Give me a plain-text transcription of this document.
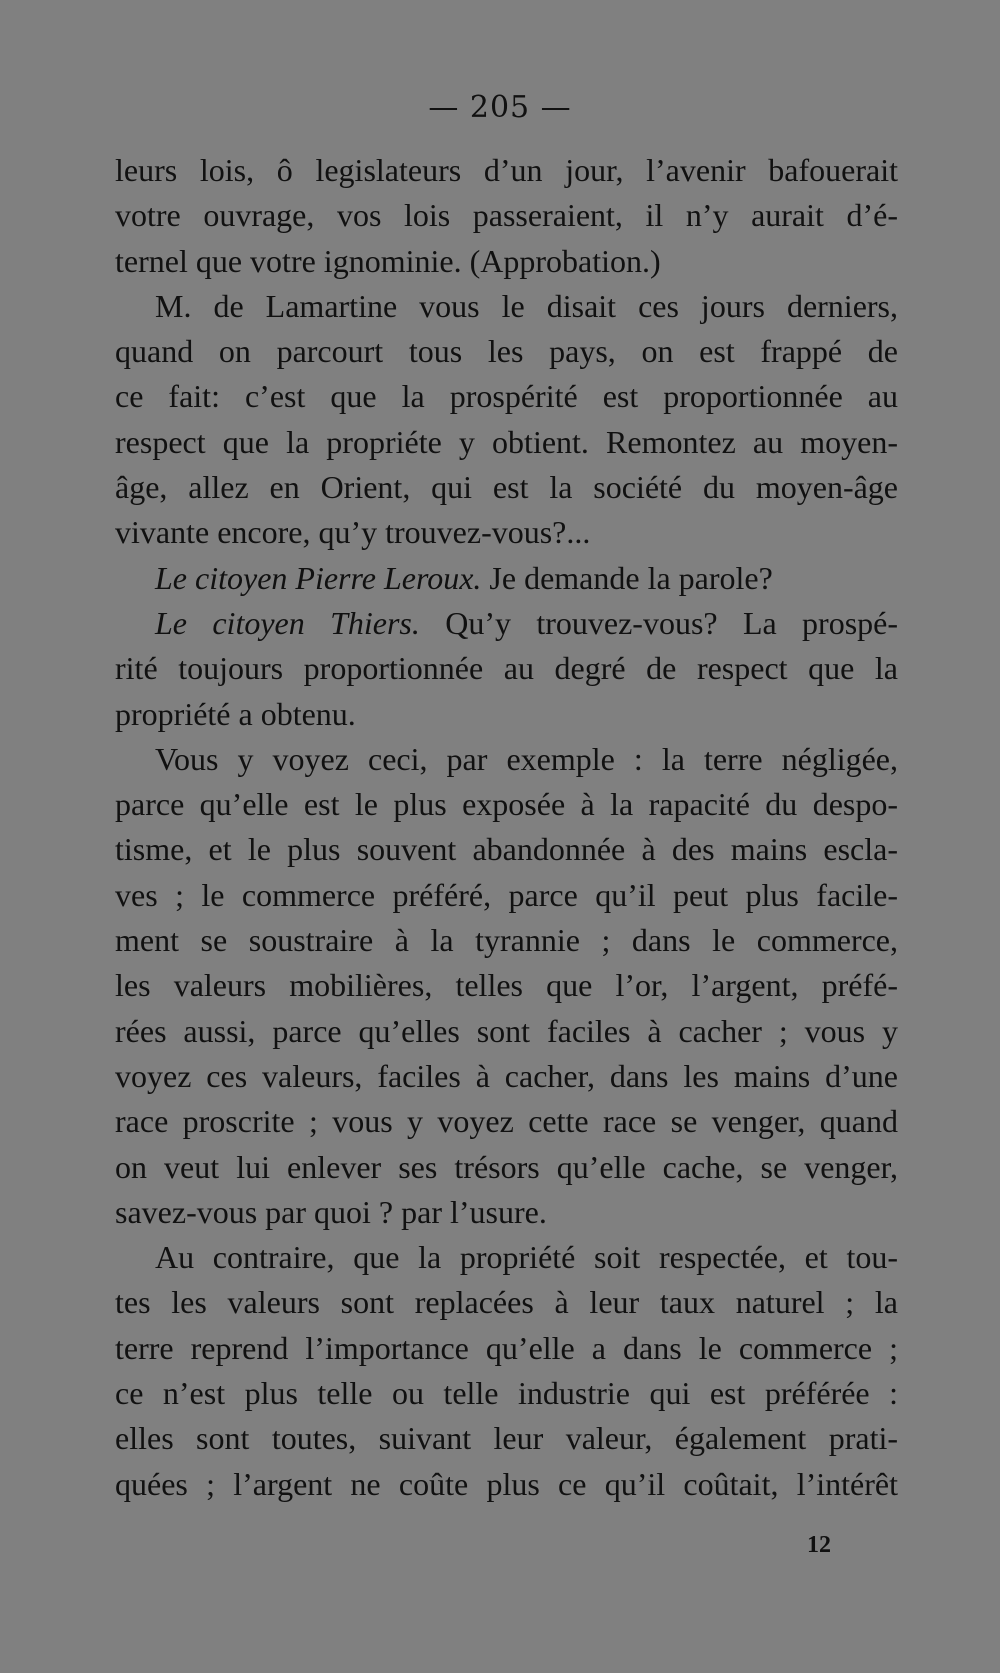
— 205 —
leurs lois, ô legislateurs d’un jour, l’avenir bafouerait
votre ouvrage, vos lois passeraient, il n’y aurait d’é-
ternel que votre ignominie. (Approbation.)
M. de Lamartine vous le disait ces jours derniers,
quand on parcourt tous les pays, on est frappé de
ce fait: c’est que la prospérité est proportionnée au
respect que la propriéte y obtient. Remontez au moyen-
âge, allez en Orient, qui est la société du moyen-âge
vivante encore, qu’y trouvez-vous?...
Le citoyen Pierre Leroux. Je demande la parole?
Le citoyen Thiers. Qu’y trouvez-vous? La prospé-
rité toujours proportionnée au degré de respect que la
propriété a obtenu.
Vous y voyez ceci, par exemple : la terre négligée,
parce qu’elle est le plus exposée à la rapacité du despo-
tisme, et le plus souvent abandonnée à des mains escla-
ves ; le commerce préféré, parce qu’il peut plus facile-
ment se soustraire à la tyrannie ; dans le commerce,
les valeurs mobilières, telles que l’or, l’argent, préfé-
rées aussi, parce qu’elles sont faciles à cacher ; vous y
voyez ces valeurs, faciles à cacher, dans les mains d’une
race proscrite ; vous y voyez cette race se venger, quand
on veut lui enlever ses trésors qu’elle cache, se venger,
savez-vous par quoi ? par l’usure.
Au contraire, que la propriété soit respectée, et tou-
tes les valeurs sont replacées à leur taux naturel ; la
terre reprend l’importance qu’elle a dans le commerce ;
ce n’est plus telle ou telle industrie qui est préférée :
elles sont toutes, suivant leur valeur, également prati-
quées ; l’argent ne coûte plus ce qu’il coûtait, l’intérêt
12
